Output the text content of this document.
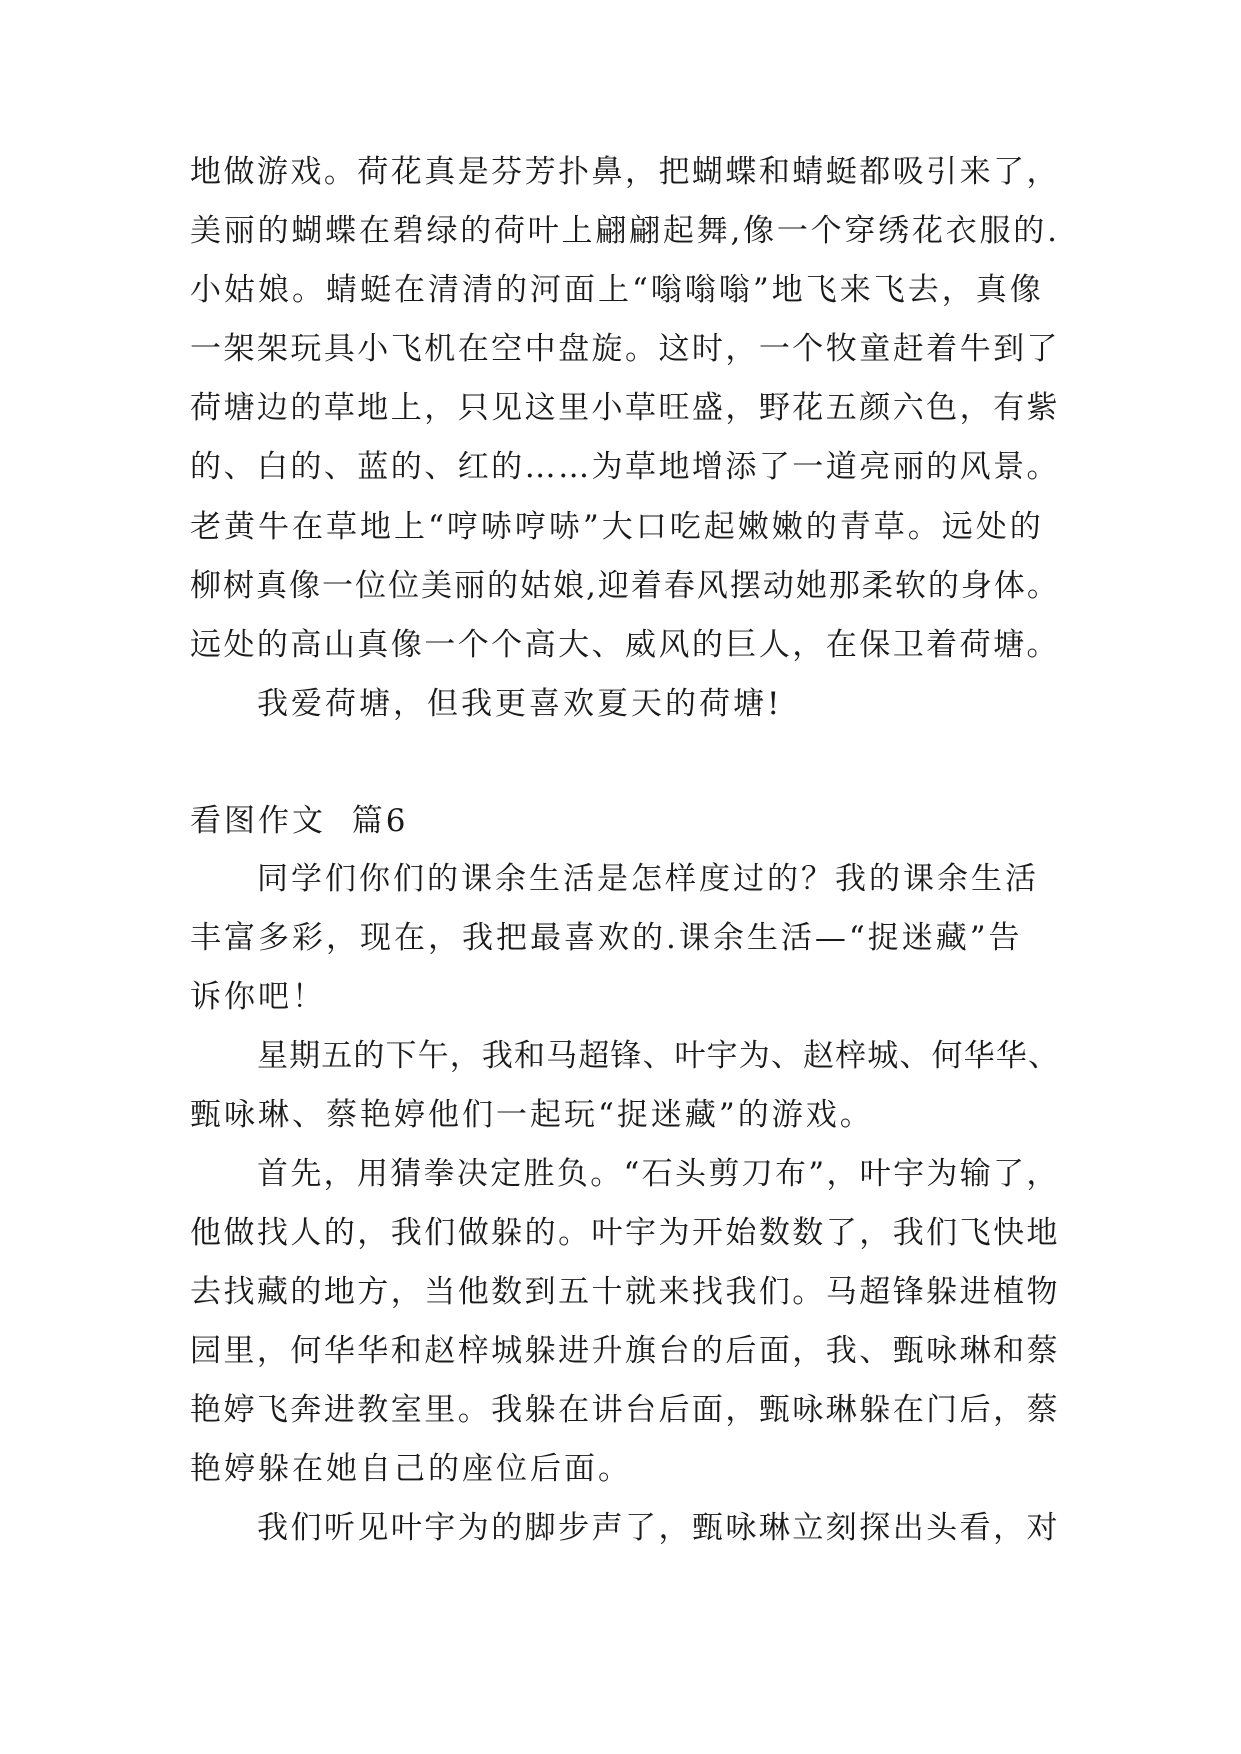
地做游戏。荷花真是芬芳扑鼻，把蝴蝶和蜻蜓都吸引来了，
美丽的蝴蝶在碧绿的荷叶上翩翩起舞,像一个穿绣花衣服的.
小姑娘。蜻蜓在清清的河面上“嗡嗡嗡”地飞来飞去，真像
一架架玩具小飞机在空中盘旋。这时，一个牧童赶着牛到了
荷塘边的草地上，只见这里小草旺盛，野花五颜六色，有紫
的、白的、蓝的、红的……为草地增添了一道亮丽的风景。
老黄牛在草地上“哼哧哼哧”大口吃起嫩嫩的青草。远处的
柳树真像一位位美丽的姑娘,迎着春风摆动她那柔软的身体。
远处的高山真像一个个高大、威风的巨人，在保卫着荷塘。
我爱荷塘，但我更喜欢夏天的荷塘!
看图作文  篇6
同学们你们的课余生活是怎样度过的？我的课余生活
丰富多彩，现在，我把最喜欢的.课余生活—“捉迷藏”告
诉你吧！
星期五的下午，我和马超锋、叶宇为、赵梓城、何华华、
甄咏琳、蔡艳婷他们一起玩“捉迷藏”的游戏。
首先，用猜拳决定胜负。“石头剪刀布”，叶宇为输了，
他做找人的，我们做躲的。叶宇为开始数数了，我们飞快地
去找藏的地方，当他数到五十就来找我们。马超锋躲进植物
园里，何华华和赵梓城躲进升旗台的后面，我、甄咏琳和蔡
艳婷飞奔进教室里。我躲在讲台后面，甄咏琳躲在门后，蔡
艳婷躲在她自己的座位后面。
我们听见叶宇为的脚步声了，甄咏琳立刻探出头看，对
